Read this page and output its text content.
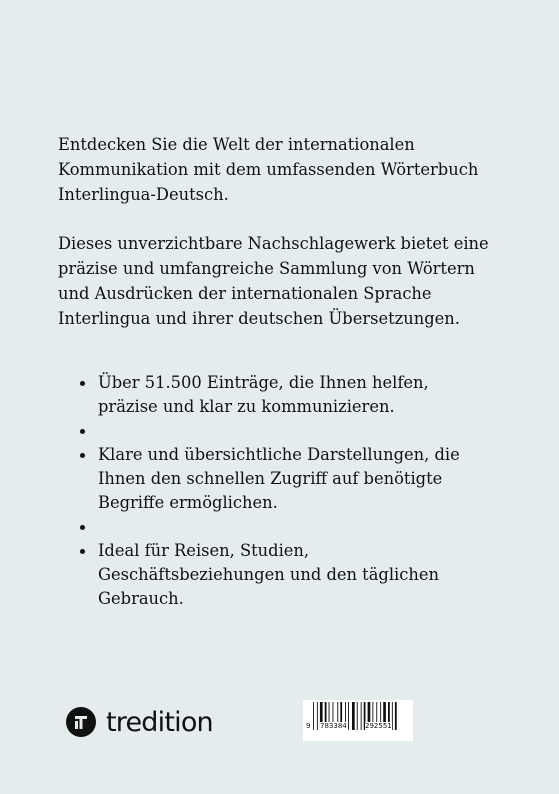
Entdecken Sie die Welt der internationalen Kommunikation mit dem umfassenden Wörterbuch Interlingua-Deutsch.

Dieses unverzichtbare Nachschlagewerk bietet eine präzise und umfangreiche Sammlung von Wörtern und Ausdrücken der internationalen Sprache Interlingua und ihrer deutschen Übersetzungen.

Über 51.500 Einträge, die Ihnen helfen, präzise und klar zu kommunizieren.
Klare und übersichtliche Darstellungen, die Ihnen den schnellen Zugriff auf benötigte Begriffe ermöglichen.
Ideal für Reisen, Studien, Geschäftsbeziehungen und den täglichen Gebrauch.
tredition	9 783384	292551
